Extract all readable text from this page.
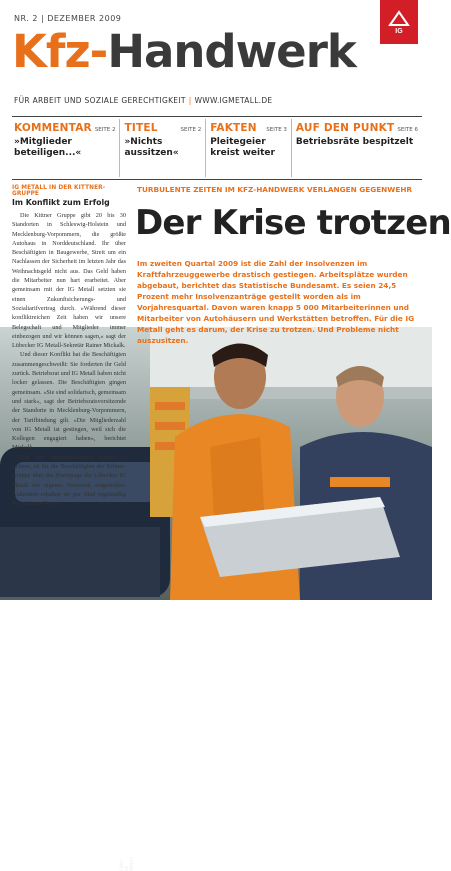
NR. 2 | DEZEMBER 2009
Kfz-Handwerk
FÜR ARBEIT UND SOZIALE GERECHTIGKEIT | WWW.IGMETALL.DE
IG
KOMMENTAR SEITE 2
»Mitglieder beteiligen...«
TITEL	SEITE 2
»Nichts aussitzen«
FAKTEN SEITE 3
Pleitegeier kreist weiter
AUF DEN PUNKT SEITE 6
Betriebsräte bespitzelt
Foto: IG Metall
IG METALL IN DER KITTNER-GRUPPE
Im Konflikt zum Erfolg

Die Kittner Gruppe gibt 20 bis 30 Standorten in Schleswig-Holstein und Mecklenburg-Vorpommern, die größte Autohaus in Norddeutschland. Ihr über Beschäftigten in Baugewerbe, Streit um ein Nachlassen der Sicherheit im letzten Jahr das Weihnachtsgeld nicht aus. Das Geld haben die Mitarbeiter nun hart erarbeitet. Aber gemeinsam mit der IG Metall setzten sie einen Zukunftsicherungs- und Sozialtarifvertrag durch. »Während dieser konfliktreichen Zeit haben wir unsere Belegschaft und Mitglieder immer einbezogen und wir können sagen,« sagt der Lübecker IG Metall-Sekretär Rainer Mickalk.

Und dieser Konflikt hat die Beschäftigten zusammengeschweißt: Sie forderten ihr Geld zurück. Betriebsrat und IG Metall haben nicht locker gelassen. Die Beschäftigten gingen gemeinsam. »Sie sind solidarisch, gemeinsam und stark«, sagt der Betriebsratsvorsitzende der Standorte in Mecklenburg-Vorpommern, der Tarifbindung gilt. »Die Mitgliederzahl von IG Metall ist gestiegen, weil sich die Kollegen engagiert haben«, berichtet Mickalk.

Um den Informationsfluss weiter zu sichern, ist für die Beschäftigten der Kittner-Gruppe über die Homepage der Lübecker IG Metall ein eigenes Netzwerk eingerichtet. Außerdem erhalten sie per Mail regelmäßig die »Kittner-News«.

TURBULENTE ZEITEN IM KFZ-HANDWERK VERLANGEN GEGENWEHR
Der Krise trotzen
Im zweiten Quartal 2009 ist die Zahl der Insolvenzen im Kraftfahrzeuggewerbe drastisch gestiegen. Arbeitsplätze wurden abgebaut, berichtet das Statistische Bundesamt. Es seien 24,5 Prozent mehr Insolvenzanträge gestellt worden als im Vorjahresquartal. Davon waren knapp 5 000 Mitarbeiterinnen und Mitarbeiter von Autohäusern und Werkstätten betroffen. Für die IG Metall geht es darum, der Krise zu trotzen. Und Probleme nicht auszusitzen.
